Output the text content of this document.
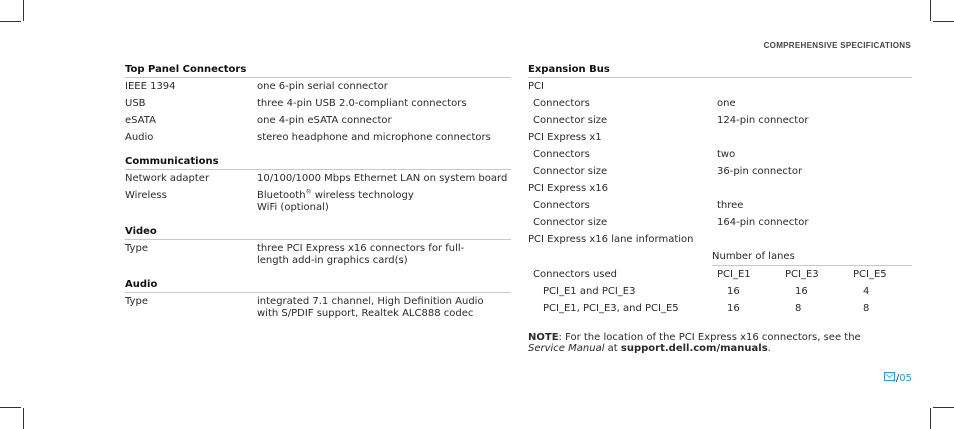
COMPREHENSIVE SPECIFICATIONS
Top Panel Connectors
IEEE 1394	one 6-pin serial connector
USB	three 4-pin USB 2.0-compliant connectors
eSATA	one 4-pin eSATA connector
Audio	stereo headphone and microphone connectors
Communications
Network adapter	10/100/1000 Mbps Ethernet LAN on system board
Wireless	Bluetooth® wireless technology
WiFi (optional)
Video
Type	three PCI Express x16 connectors for full-length add-in graphics card(s)
Audio
Type	integrated 7.1 channel, High Definition Audio with S/PDIF support, Realtek ALC888 codec
Expansion Bus
PCI
Connectors	one
Connector size	124-pin connector
PCI Express x1
Connectors	two
Connector size	36-pin connector
PCI Express x16
Connectors	three
Connector size	164-pin connector
PCI Express x16 lane information
Number of lanes
Connectors used	PCI_E1	PCI_E3	PCI_E5
PCI_E1 and PCI_E3	16	16	4
PCI_E1, PCI_E3, and PCI_E5	16	8	8
NOTE: For the location of the PCI Express x16 connectors, see the
Service Manual at support.dell.com/manuals.
/05
